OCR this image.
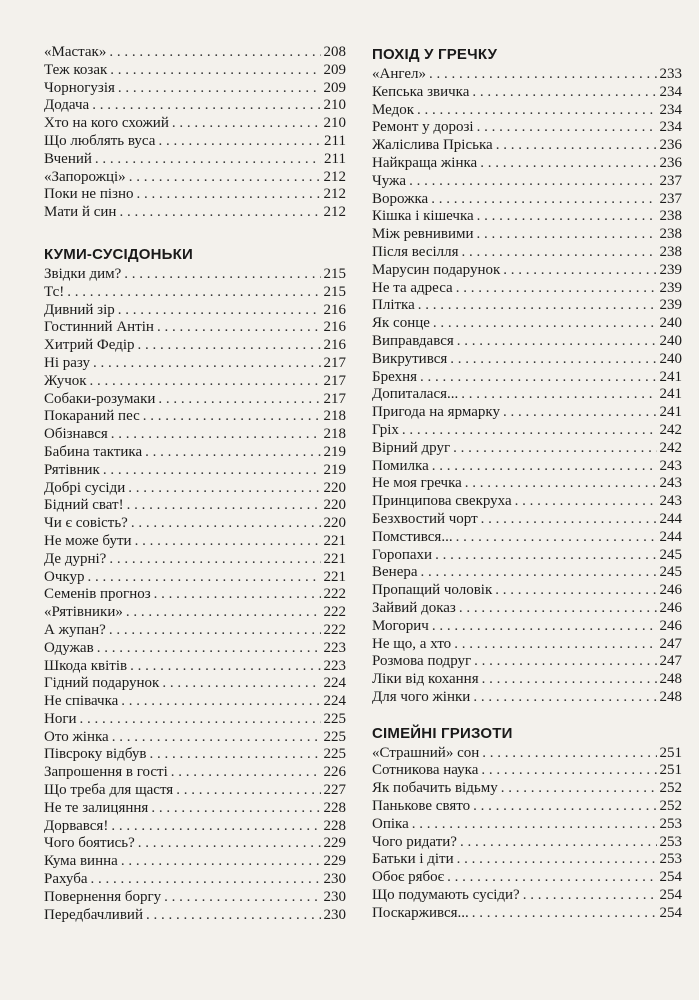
«Мастак» . . .	208
Теж козак . . .	209
Чорногузія . . .	209
Додача . . .	210
Хто на кого схожий . . .	210
Що люблять вуса . . .	211
Вчений . . .	211
«Запорожці» . . .	212
Поки не пізно . . .	212
Мати й син . . .	212
КУМИ-СУСІДОНЬКИ
Звідки дим? . . .	215
Тс! . . .	215
Дивний зір . . .	216
Гостинний Антін . . .	216
Хитрий Федір . . .	216
Ні разу . . .	217
Жучок . . .	217
Собаки-розумаки . . .	217
Покараний пес . . .	218
Обізнався . . .	218
Бабина тактика . . .	219
Рятівник . . .	219
Добрі сусіди . . .	220
Бідний сват! . . .	220
Чи є совість? . . .	220
Не може бути . . .	221
Де дурні? . . .	221
Очкур . . .	221
Семенів прогноз . . .	222
«Рятівники» . . .	222
А жупан? . . .	222
Одужав . . .	223
Шкода квітів . . .	223
Гідний подарунок . . .	224
Не співачка . . .	224
Ноги . . .	225
Ото жінка . . .	225
Півсроку відбув . . .	225
Запрошення в гості . . .	226
Що треба для щастя . . .	227
Не те залицяння . . .	228
Дорвався! . . .	228
Чого боятись? . . .	229
Кума винна . . .	229
Рахуба . . .	230
Повернення боргу . . .	230
Передбачливий . . .	230
ПОХІД У ГРЕЧКУ
«Ангел» . . .	233
Кепська звичка . . .	234
Медок . . .	234
Ремонт у дорозі . . .	234
Жаліслива Пріська . . .	236
Найкраща жінка . . .	236
Чужа . . .	237
Ворожка . . .	237
Кішка і кішечка . . .	238
Між ревнивими . . .	238
Після весілля . . .	238
Марусин подарунок . . .	239
Не та адреса . . .	239
Плітка . . .	239
Як сонце . . .	240
Виправдався . . .	240
Викрутився . . .	240
Брехня . . .	241
Допиталася... . . .	241
Пригода на ярмарку . . .	241
Гріх . . .	242
Вірний друг . . .	242
Помилка . . .	243
Не моя гречка . . .	243
Принципова свекруха . . .	243
Безхвостий чорт . . .	244
Помстився... . . .	244
Горопахи . . .	245
Венера . . .	245
Пропащий чоловік . . .	246
Зайвий доказ . . .	246
Могорич . . .	246
Не що, а хто . . .	247
Розмова подруг . . .	247
Ліки від кохання . . .	248
Для чого жінки . . .	248
СІМЕЙНІ ГРИЗОТИ
«Страшний» сон . . .	251
Сотникова наука . . .	251
Як побачить відьму . . .	252
Панькове свято . . .	252
Опіка . . .	253
Чого ридати? . . .	253
Батьки і діти . . .	253
Обоє рябоє . . .	254
Що подумають сусіди? . . .	254
Поскаржився... . . .	254
